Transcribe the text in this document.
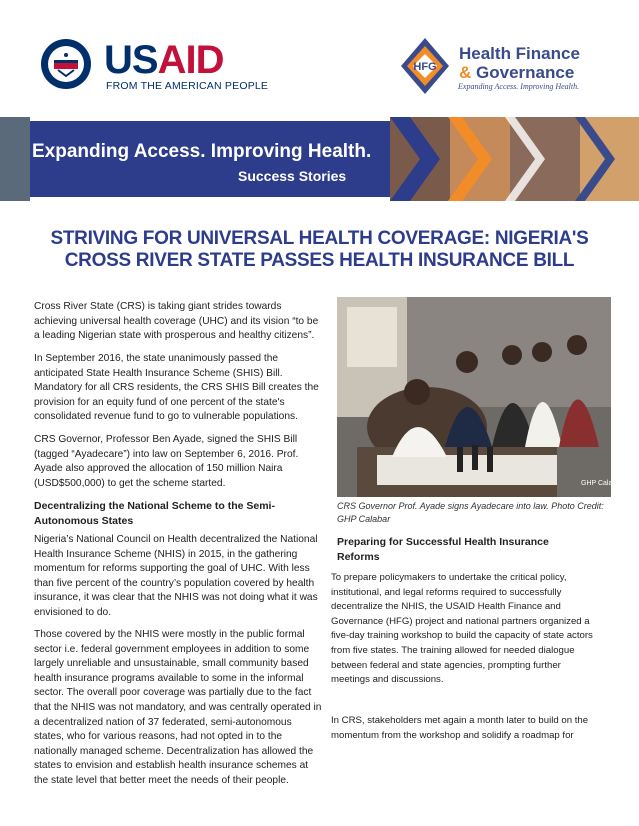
USAID
FROM THE AMERICAN PEOPLE
HFG
Health Finance
& Governance
Expanding Access. Improving Health.
Expanding Access. Improving Health.
Success Stories
STRIVING FOR UNIVERSAL HEALTH COVERAGE: NIGERIA'S CROSS RIVER STATE PASSES HEALTH INSURANCE BILL
Cross River State (CRS) is taking giant strides towards achieving universal health coverage (UHC) and its vision “to be a leading Nigerian state with prosperous and healthy citizens”.
In September 2016, the state unanimously passed the anticipated State Health Insurance Scheme (SHIS) Bill. Mandatory for all CRS residents, the CRS SHIS Bill creates the provision for an equity fund of one percent of the state's consolidated revenue fund to go to vulnerable populations.
CRS Governor, Professor Ben Ayade, signed the SHIS Bill (tagged “Ayadecare”) into law on September 6, 2016. Prof. Ayade also approved the allocation of 150 million Naira (USD$500,000) to get the scheme started.
Decentralizing the National Scheme to the Semi-Autonomous States
Nigeria’s National Council on Health decentralized the National Health Insurance Scheme (NHIS) in 2015, in the gathering momentum for reforms supporting the goal of UHC. With less than five percent of the country’s population covered by health insurance, it was clear that the NHIS was not doing what it was envisioned to do.
Those covered by the NHIS were mostly in the public formal sector i.e. federal government employees in addition to some largely unreliable and unsustainable, small community based health insurance programs available to some in the informal sector. The overall poor coverage was partially due to the fact that the NHIS was not mandatory, and was centrally operated in a decentralized nation of 37 federated, semi-autonomous states, who for various reasons, had not opted in to the nationally managed scheme. Decentralization has allowed the states to envision and establish health insurance schemes at the state level that better meet the needs of their people.
GHP Calabar
CRS Governor Prof. Ayade signs Ayadecare into law. Photo Credit: GHP Calabar
Preparing for Successful Health Insurance Reforms
To prepare policymakers to undertake the critical policy, institutional, and legal reforms required to successfully decentralize the NHIS, the USAID Health Finance and Governance (HFG) project and national partners organized a five-day training workshop to build the capacity of state actors from five states. The training allowed for needed dialogue between federal and state agencies, prompting further meetings and discussions.
In CRS, stakeholders met again a month later to build on the momentum from the workshop and solidify a roadmap for
